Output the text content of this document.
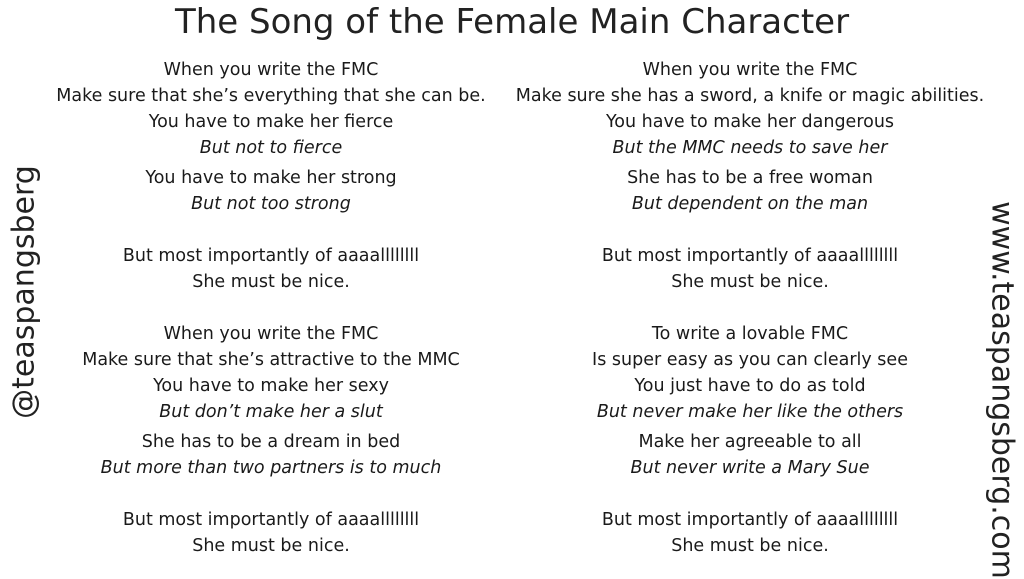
The Song of the Female Main Character
@teaspangsberg	www.teaspangsberg.com
When you write the FMC
Make sure that she’s everything that she can be.
You have to make her fierce
But not to fierce
You have to make her strong
But not too strong
But most importantly of aaaallllllll
She must be nice.
When you write the FMC
Make sure that she’s attractive to the MMC
You have to make her sexy
But don’t make her a slut
She has to be a dream in bed
But more than two partners is to much
But most importantly of aaaallllllll
She must be nice.
When you write the FMC
Make sure she has a sword, a knife or magic abilities.
You have to make her dangerous
But the MMC needs to save her
She has to be a free woman
But dependent on the man
But most importantly of aaaallllllll
She must be nice.
To write a lovable FMC
Is super easy as you can clearly see
You just have to do as told
But never make her like the others
Make her agreeable to all
But never write a Mary Sue
But most importantly of aaaallllllll
She must be nice.
